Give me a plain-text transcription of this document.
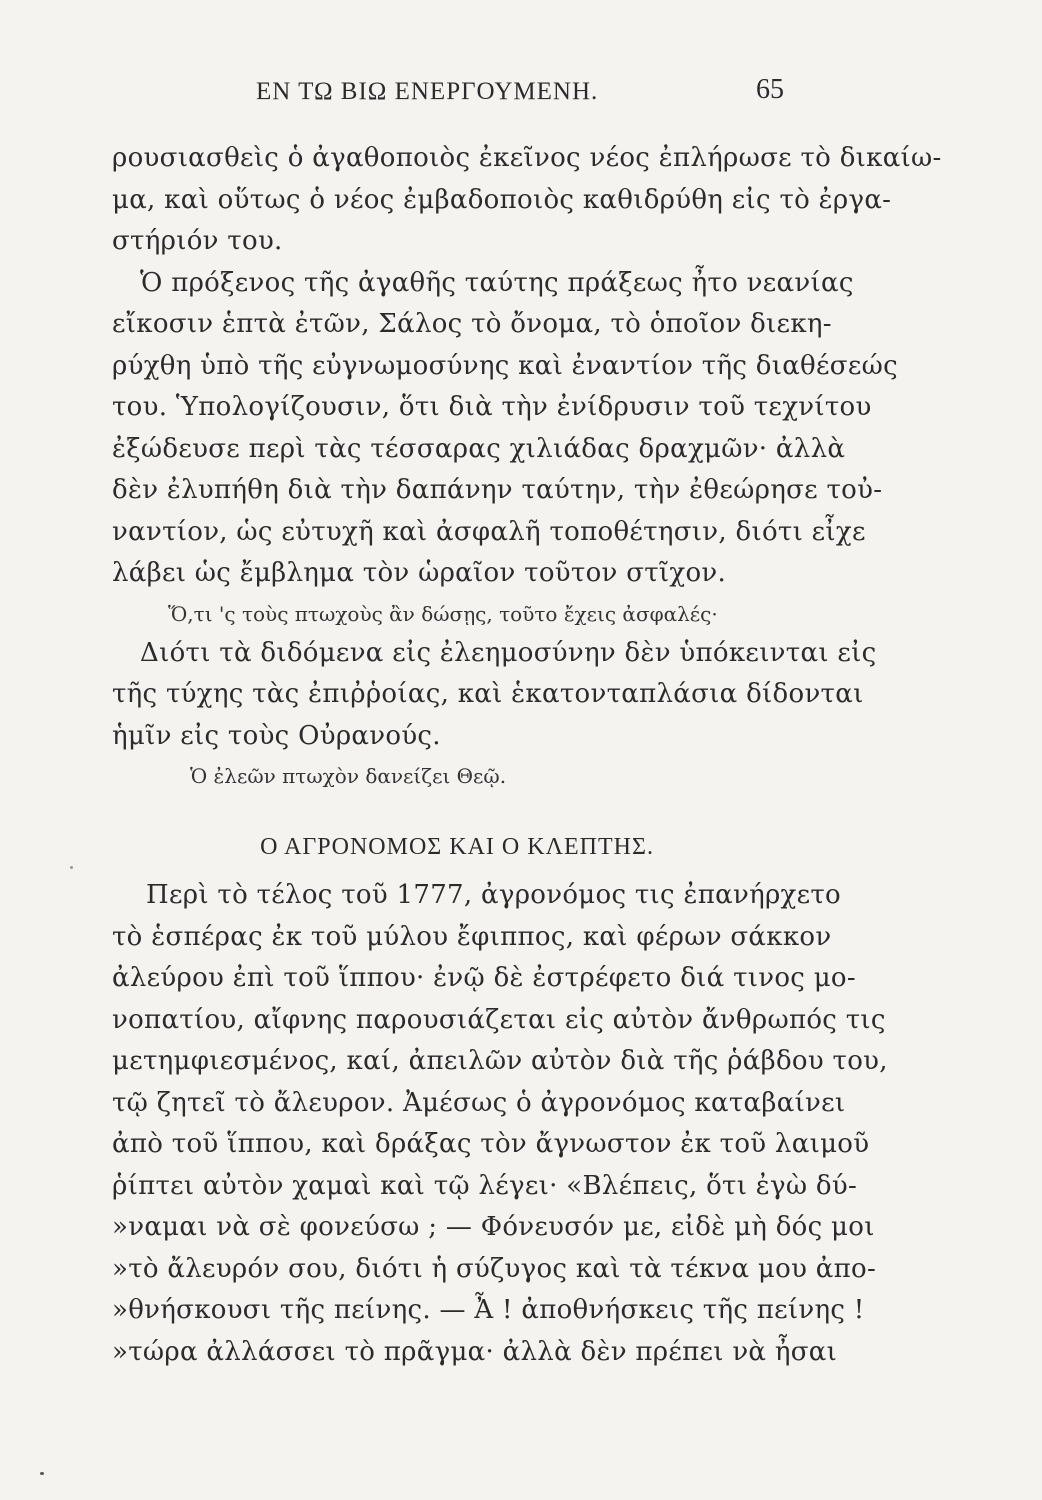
ΕΝ ΤΩ ΒΙΩ ΕΝΕΡΓΟΥΜΕΝΗ.	65
ρουσιασθεὶς ὁ ἀγαθοποιὸς ἐκεῖνος νέος ἐπλήρωσε τὸ δικαίω-
μα, καὶ οὕτως ὁ νέος ἐμβαδοποιὸς καθιδρύθη εἰς τὸ ἐργα-
στήριόν του.
Ὁ πρόξενος τῆς ἀγαθῆς ταύτης πράξεως ἦτο νεανίας
εἴκοσιν ἑπτὰ ἐτῶν, Σάλος τὸ ὄνομα, τὸ ὁποῖον διεκη-
ρύχθη ὑπὸ τῆς εὐγνωμοσύνης καὶ ἐναντίον τῆς διαθέσεώς
του. Ὑπολογίζουσιν, ὅτι διὰ τὴν ἐνίδρυσιν τοῦ τεχνίτου
ἐξώδευσε περὶ τὰς τέσσαρας χιλιάδας δραχμῶν· ἀλλὰ
δὲν ἐλυπήθη διὰ τὴν δαπάνην ταύτην, τὴν ἐθεώρησε τοὐ-
ναντίον, ὡς εὐτυχῆ καὶ ἀσφαλῆ τοποθέτησιν, διότι εἶχε
λάβει ὡς ἔμβλημα τὸν ὡραῖον τοῦτον στῖχον.
Ὅ,τι 'ς τοὺς πτωχοὺς ἂν δώσῃς, τοῦτο ἔχεις ἀσφαλές·
Διότι τὰ διδόμενα εἰς ἐλεημοσύνην δὲν ὑπόκεινται εἰς
τῆς τύχης τὰς ἐπιῤῥοίας, καὶ ἑκατονταπλάσια δίδονται
ἡμῖν εἰς τοὺς Οὐρανούς.
Ὁ ἐλεῶν πτωχὸν δανείζει Θεῷ.
Ο ΑΓΡΟΝΟΜΟΣ ΚΑΙ Ο ΚΛΕΠΤΗΣ.
Περὶ τὸ τέλος τοῦ 1777, ἀγρονόμος τις ἐπανήρχετο
τὸ ἑσπέρας ἐκ τοῦ μύλου ἔφιππος, καὶ φέρων σάκκον
ἀλεύρου ἐπὶ τοῦ ἵππου· ἐνῷ δὲ ἐστρέφετο διά τινος μο-
νοπατίου, αἴφνης παρουσιάζεται εἰς αὐτὸν ἄνθρωπός τις
μετημφιεσμένος, καί, ἀπειλῶν αὐτὸν διὰ τῆς ῥάβδου του,
τῷ ζητεῖ τὸ ἄλευρον. Ἀμέσως ὁ ἀγρονόμος καταβαίνει
ἀπὸ τοῦ ἵππου, καὶ δράξας τὸν ἄγνωστον ἐκ τοῦ λαιμοῦ
ῥίπτει αὐτὸν χαμαὶ καὶ τῷ λέγει· «Βλέπεις, ὅτι ἐγὼ δύ-
»ναμαι νὰ σὲ φονεύσω ; — Φόνευσόν με, εἰδὲ μὴ δός μοι
»τὸ ἄλευρόν σου, διότι ἡ σύζυγος καὶ τὰ τέκνα μου ἀπο-
»θνήσκουσι τῆς πείνης. — Ἆ ! ἀποθνήσκεις τῆς πείνης !
»τώρα ἀλλάσσει τὸ πρᾶγμα· ἀλλὰ δὲν πρέπει νὰ ἦσαι
